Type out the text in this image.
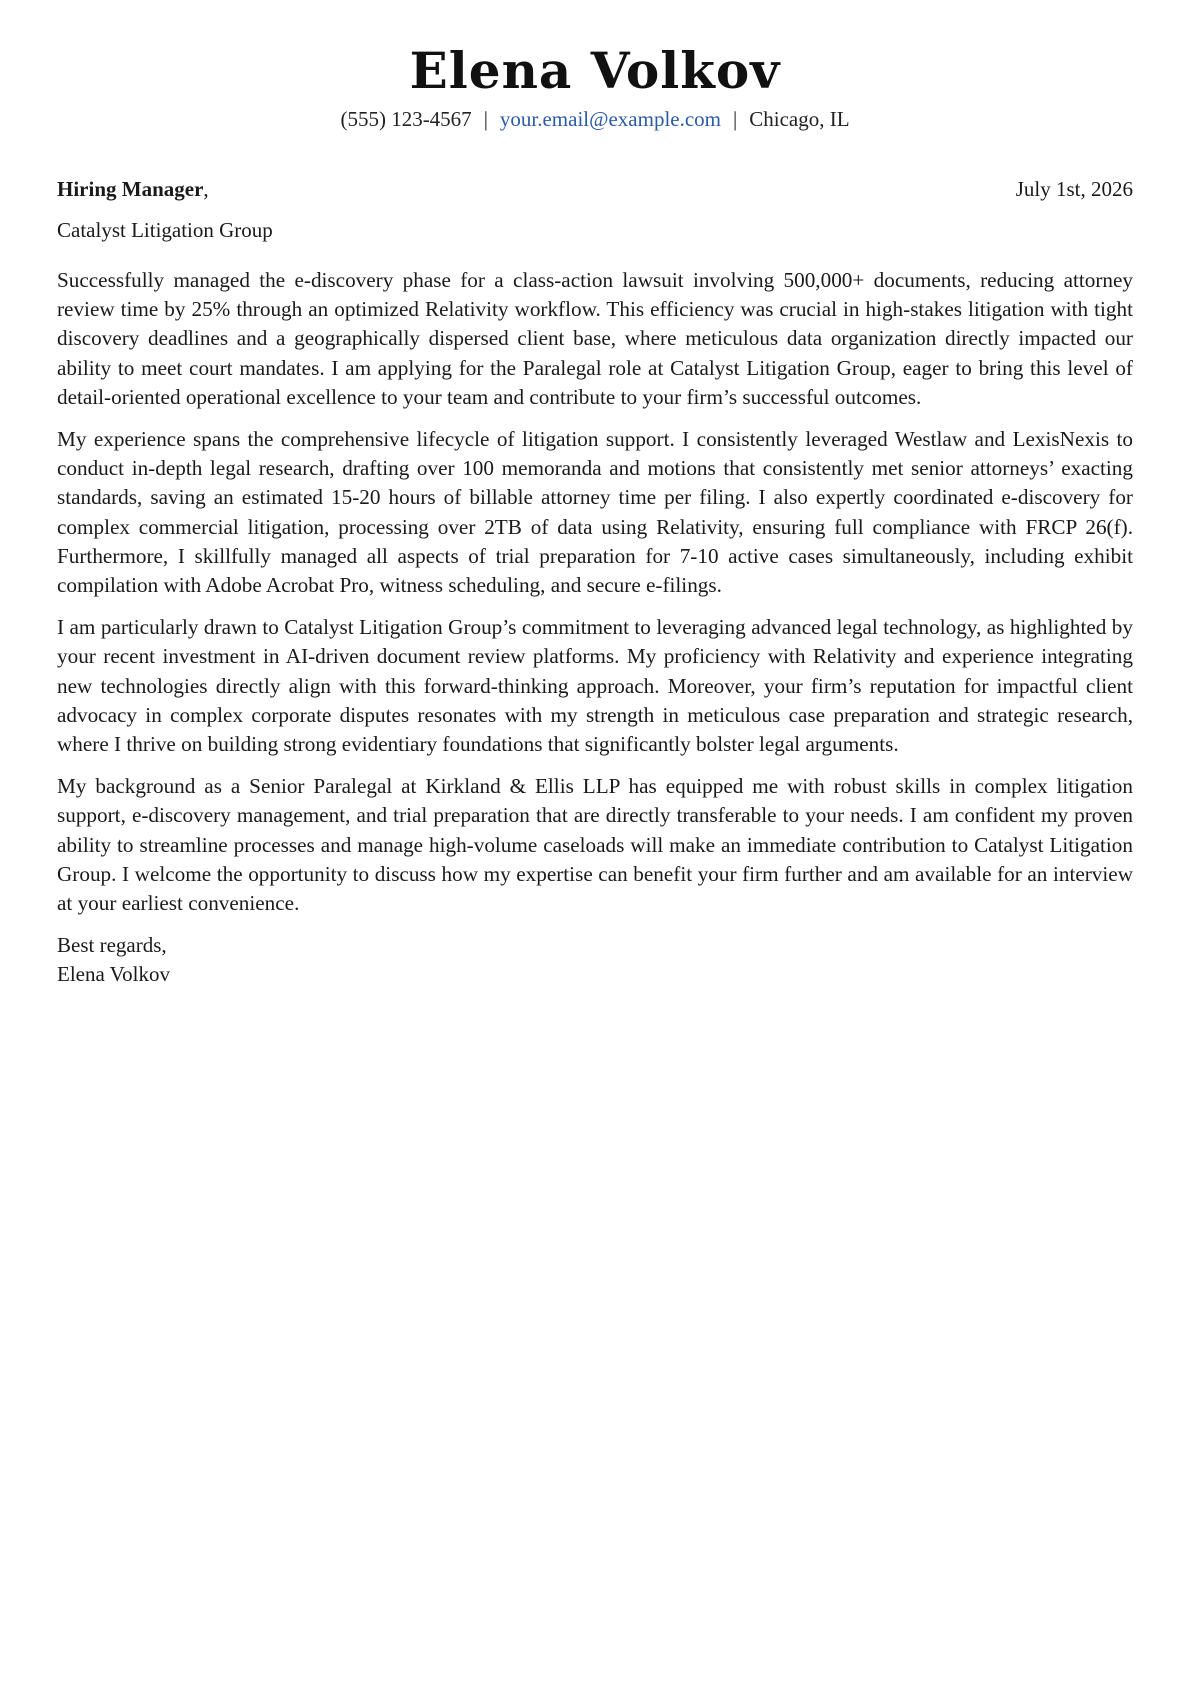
Elena Volkov
(555) 123-4567 | your.email@example.com | Chicago, IL
Hiring Manager,	July 1st, 2026
Catalyst Litigation Group

Successfully managed the e-discovery phase for a class-action lawsuit involving 500,000+ documents, reducing attorney review time by 25% through an optimized Relativity workflow. This efficiency was crucial in high-stakes litigation with tight discovery deadlines and a geographically dispersed client base, where meticulous data organization directly impacted our ability to meet court mandates. I am applying for the Paralegal role at Catalyst Litigation Group, eager to bring this level of detail-oriented operational excellence to your team and contribute to your firm’s successful outcomes.

My experience spans the comprehensive lifecycle of litigation support. I consistently leveraged Westlaw and LexisNexis to conduct in-depth legal research, drafting over 100 memoranda and motions that consistently met senior attorneys’ exacting standards, saving an estimated 15-20 hours of billable attorney time per filing. I also expertly coordinated e-discovery for complex commercial litigation, processing over 2TB of data using Relativity, ensuring full compliance with FRCP 26(f). Furthermore, I skillfully managed all aspects of trial preparation for 7-10 active cases simultaneously, including exhibit compilation with Adobe Acrobat Pro, witness scheduling, and secure e-filings.

I am particularly drawn to Catalyst Litigation Group’s commitment to leveraging advanced legal technology, as highlighted by your recent investment in AI-driven document review platforms. My proficiency with Relativity and experience integrating new technologies directly align with this forward-thinking approach. Moreover, your firm’s reputation for impactful client advocacy in complex corporate disputes resonates with my strength in meticulous case preparation and strategic research, where I thrive on building strong evidentiary foundations that significantly bolster legal arguments.

My background as a Senior Paralegal at Kirkland & Ellis LLP has equipped me with robust skills in complex litigation support, e-discovery management, and trial preparation that are directly transferable to your needs. I am confident my proven ability to streamline processes and manage high-volume caseloads will make an immediate contribution to Catalyst Litigation Group. I welcome the opportunity to discuss how my expertise can benefit your firm further and am available for an interview at your earliest convenience.

Best regards,
Elena Volkov
